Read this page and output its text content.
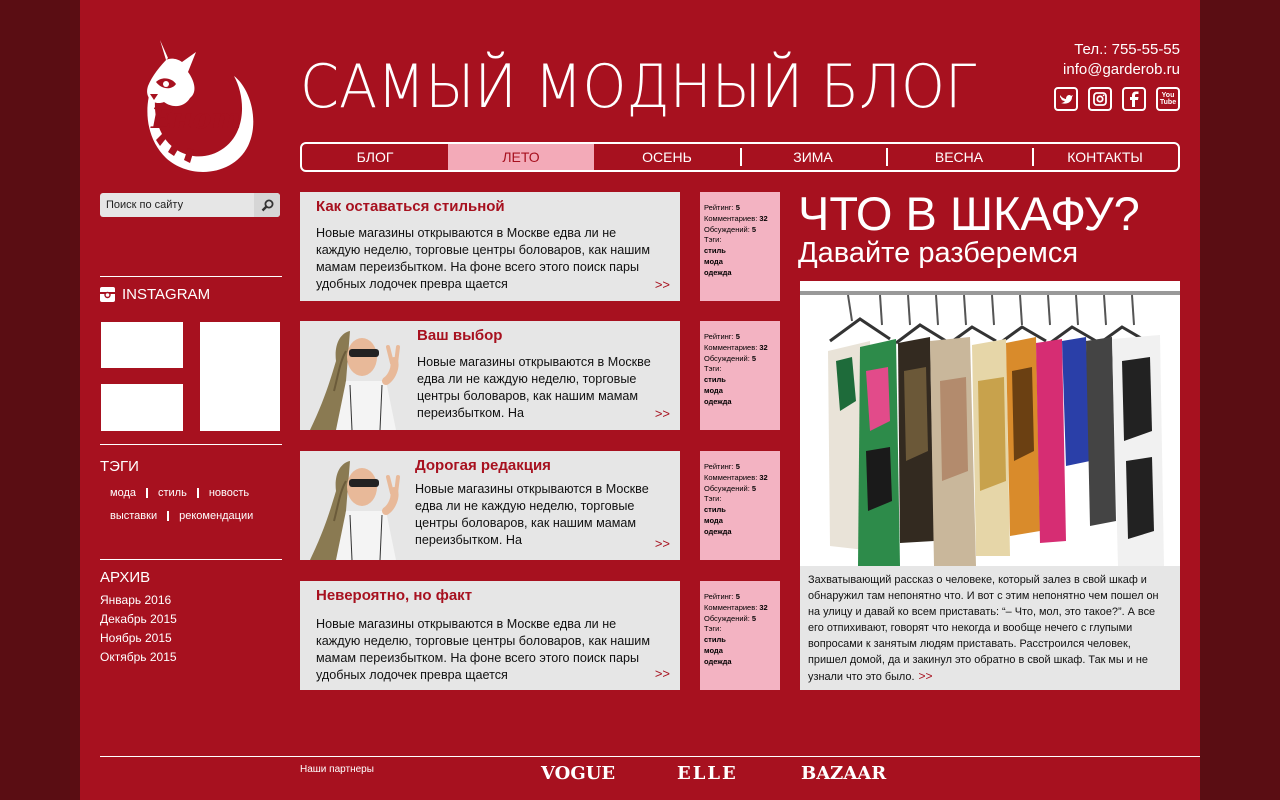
Енот САМЫЙ МОДНЫЙ БЛОГ
Тел.: 755-55-55
info@garderob.ru
You
Tube
БЛОГ	ЛЕТО	ОСЕНЬ	ЗИМА	ВЕСНА	КОНТАКТЫ
Поиск по сайту
INSTAGRAM
ТЭГИ
мода стиль новость
выставки рекомендации
АРХИВ
Январь 2016
Декабрь 2015
Ноябрь 2015
Октябрь 2015
Как оставаться стильной
Новые магазины открываются в Москве едва ли не каждую неделю, торговые центры боловаров, как нашим мамам переизбытком. На фоне всего этого поиск пары удобных лодочек превра щается	>>
Рейтинг: 5
Комментариев: 32
Обсуждений: 5
Тэги:
стиль
мода
одежда
Ваш выбор
Новые магазины открываются в Москве едва ли не каждую неделю, торговые центры боловаров, как нашим мамам переизбытком. На	>>
Рейтинг: 5
Комментариев: 32
Обсуждений: 5
Тэги:
стиль
мода
одежда
Дорогая редакция
Новые магазины открываются в Москве едва ли не каждую неделю, торговые центры боловаров, как нашим мамам переизбытком. На	>>
Рейтинг: 5
Комментариев: 32
Обсуждений: 5
Тэги:
стиль
мода
одежда
Невероятно, но факт
Новые магазины открываются в Москве едва ли не каждую неделю, торговые центры боловаров, как нашим мамам переизбытком. На фоне всего этого поиск пары удобных лодочек превра щается	>>
Рейтинг: 5
Комментариев: 32
Обсуждений: 5
Тэги:
стиль
мода
одежда
ЧТО В ШКАФУ?
Давайте разберемся
Захватывающий рассказ о человеке, который залез в свой шкаф и обнаружил там непонятно что. И вот с этим непонятно чем пошел он на улицу и давай ко всем приставать: “– Что, мол, это такое?”. А все его отпихивают, говорят что некогда и вообще нечего с глупыми вопросами к занятым людям приставать. Расстроился человек, пришел домой, да и закинул это обратно в свой шкаф. Так мы и не узнали что это было. >>
Наши партнеры	VOGUE	ELLE	BAZAAR
